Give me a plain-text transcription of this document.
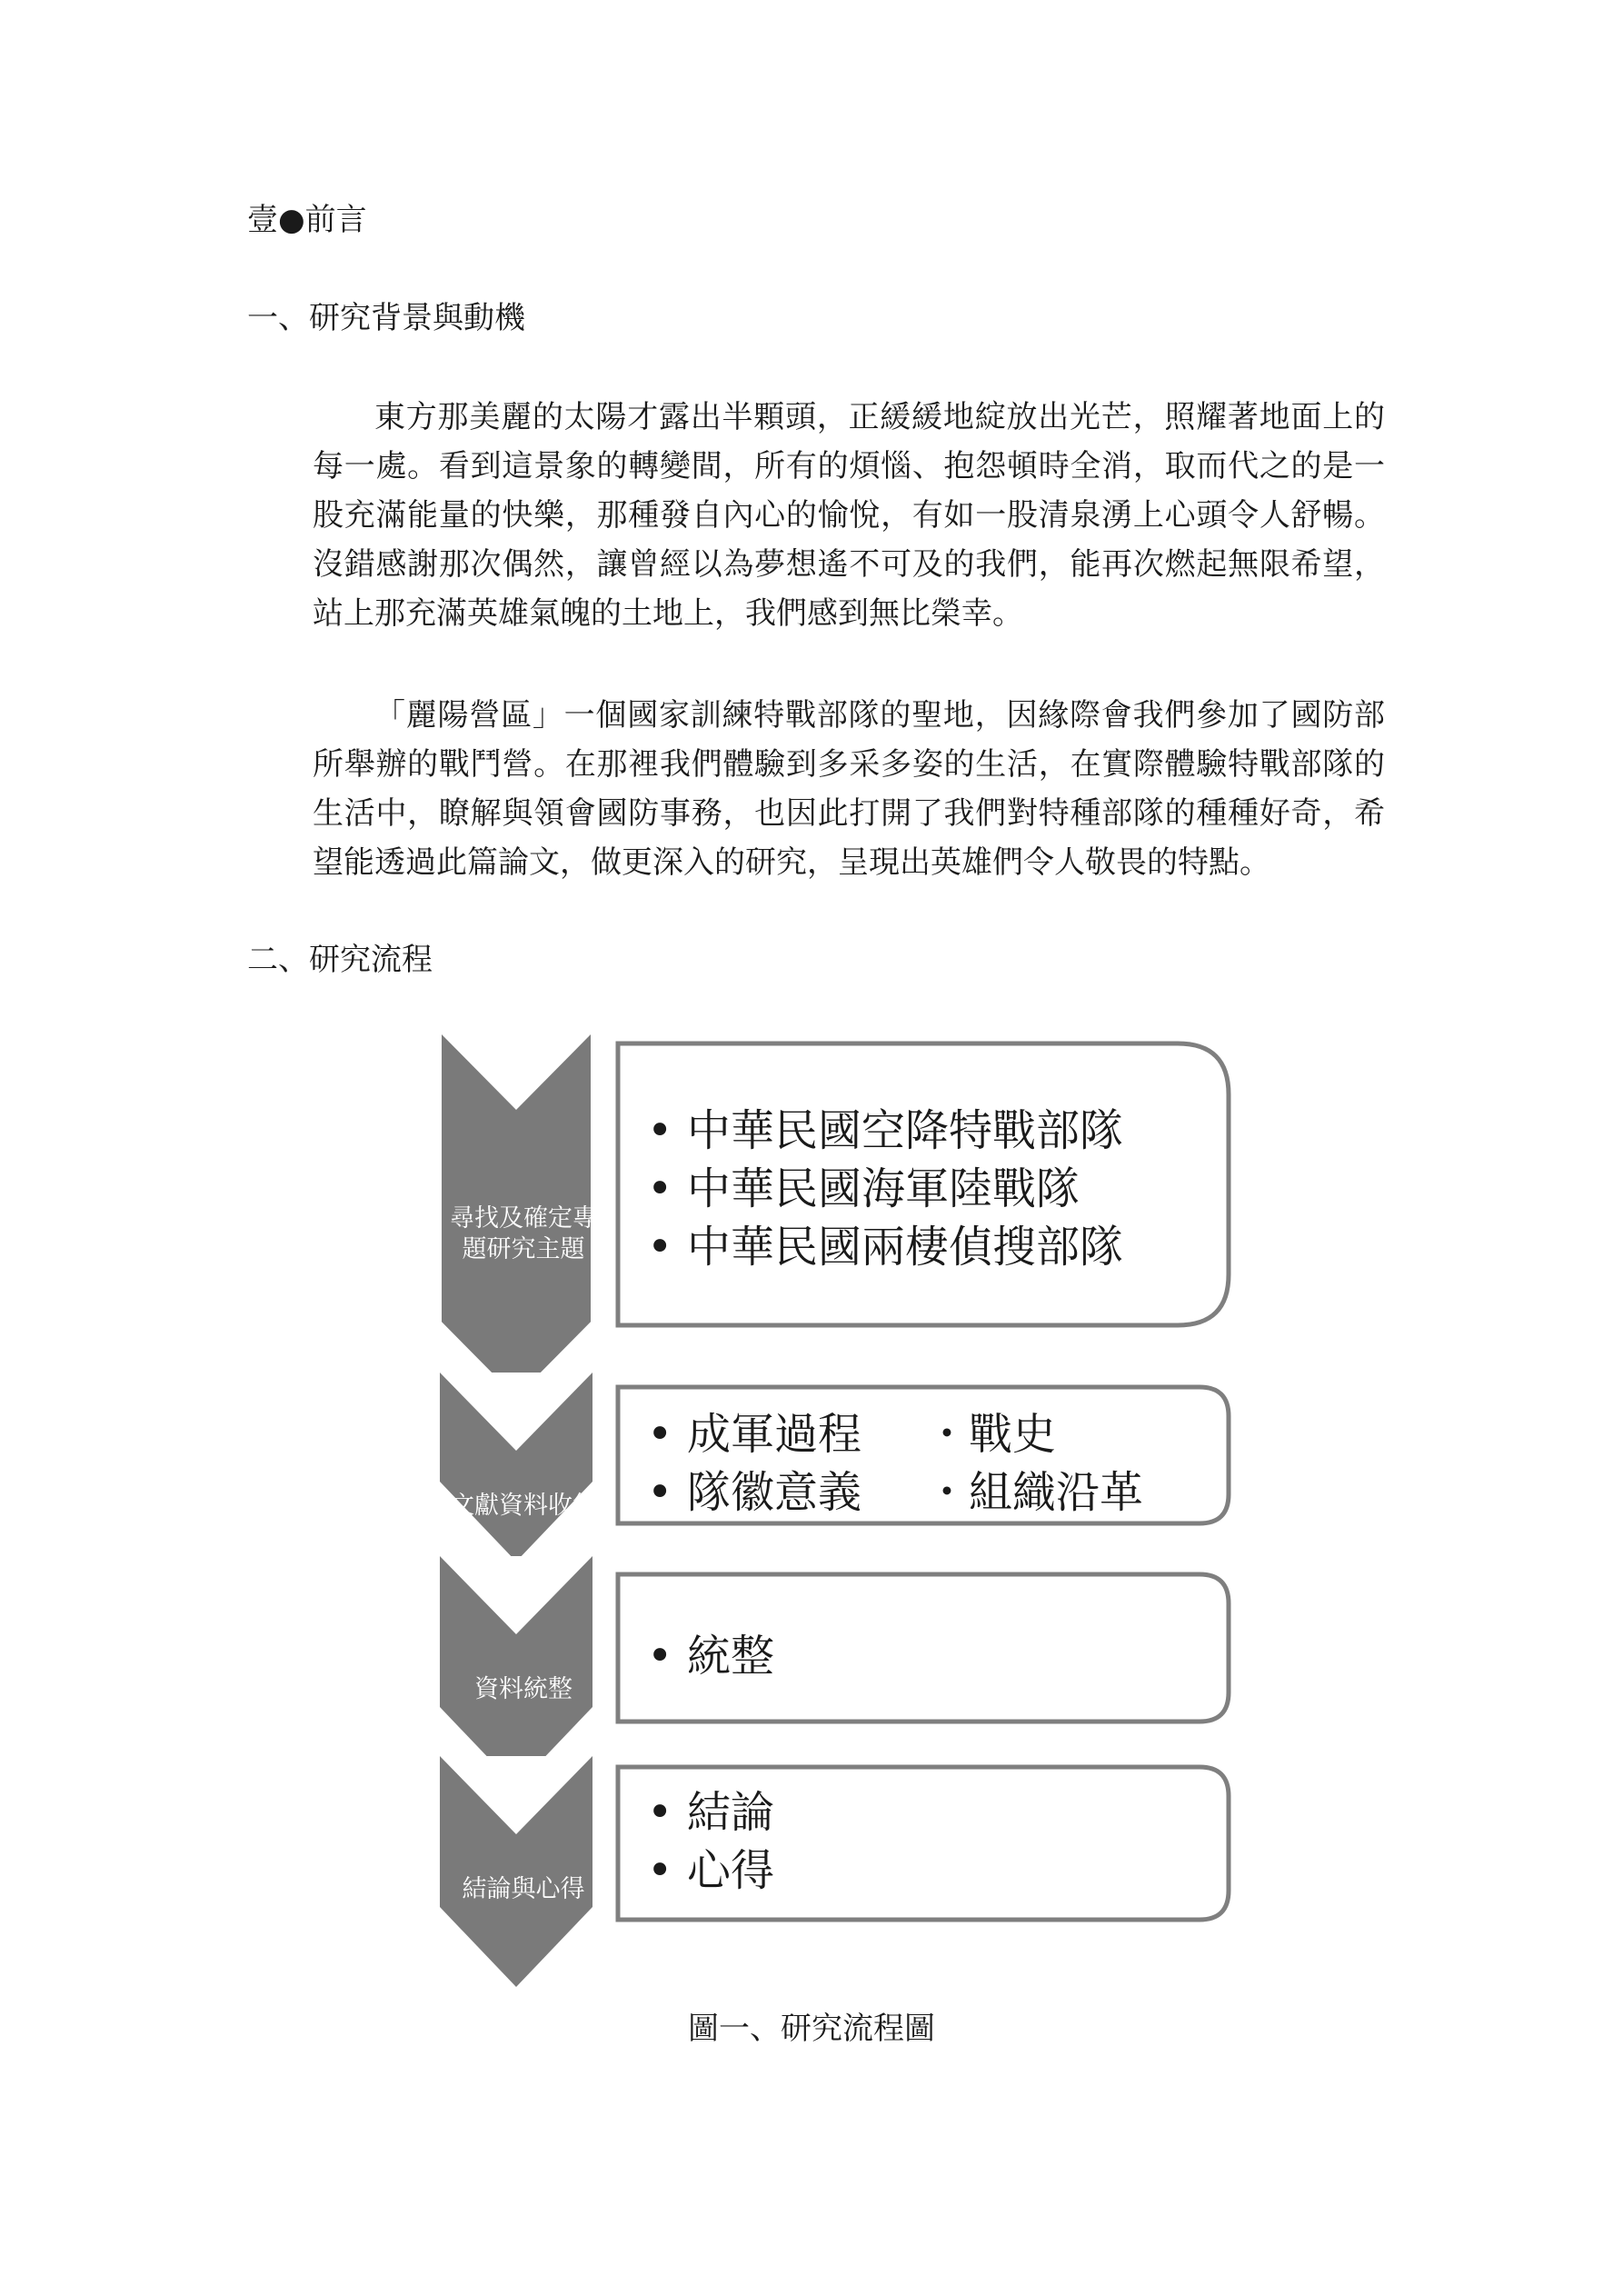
壹●前言
一、研究背景與動機

東方那美麗的太陽才露出半顆頭，正緩緩地綻放出光芒，照耀著地面上的每一處。看到這景象的轉變間，所有的煩惱、抱怨頓時全消，取而代之的是一股充滿能量的快樂，那種發自內心的愉悅，有如一股清泉湧上心頭令人舒暢。沒錯感謝那次偶然，讓曾經以為夢想遙不可及的我們，能再次燃起無限希望，站上那充滿英雄氣魄的土地上，我們感到無比榮幸。

「麗陽營區」一個國家訓練特戰部隊的聖地，因緣際會我們參加了國防部所舉辦的戰鬥營。在那裡我們體驗到多采多姿的生活，在實際體驗特戰部隊的生活中，瞭解與領會國防事務，也因此打開了我們對特種部隊的種種好奇，希望能透過此篇論文，做更深入的研究，呈現出英雄們令人敬畏的特點。

二、研究流程
尋找及確定專
題研究主題
文獻資料收集
資料統整
結論與心得
• 中華民國空降特戰部隊
• 中華民國海軍陸戰隊
• 中華民國兩棲偵搜部隊
• 成軍過程
• 隊徽意義
・戰史
・組織沿革
• 統整
• 結論
• 心得
圖一、研究流程圖
